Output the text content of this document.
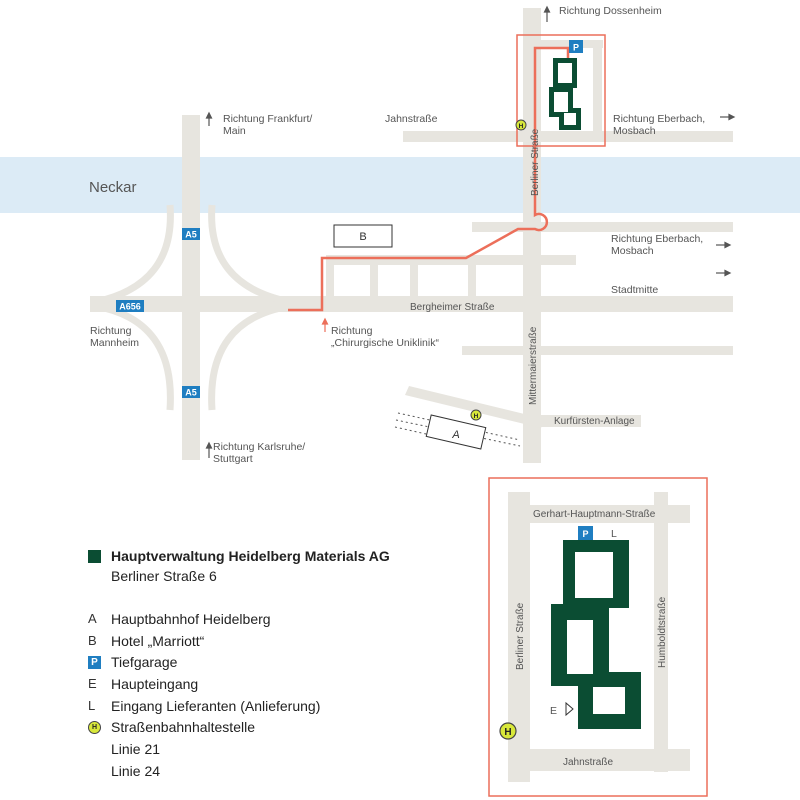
P
H
H
A
B
A5
A5
A656
Neckar
Jahnstraße
Berliner Straße
Bergheimer Straße
Mittermaierstraße
Kurfürsten-Anlage
Richtung Dossenheim
Richtung Frankfurt/ Main
Richtung Eberbach, Mosbach
Richtung Eberbach, Mosbach
Stadtmitte
Richtung Mannheim
Richtung „Chirurgische Uniklinik“
Richtung Karlsruhe/ Stuttgart
Gerhart-Hauptmann-Straße
Berliner Straße	Humboldtstraße
Jahnstraße
P L
E
H
Hauptverwaltung Heidelberg Materials AG
Berliner Straße 6
A	Hauptbahnhof Heidelberg
B	Hotel „Marriott“
P Tiefgarage
E	Haupteingang
L	Eingang Lieferanten (Anlieferung)
H Straßenbahnhaltestelle
Linie 21
Linie 24
